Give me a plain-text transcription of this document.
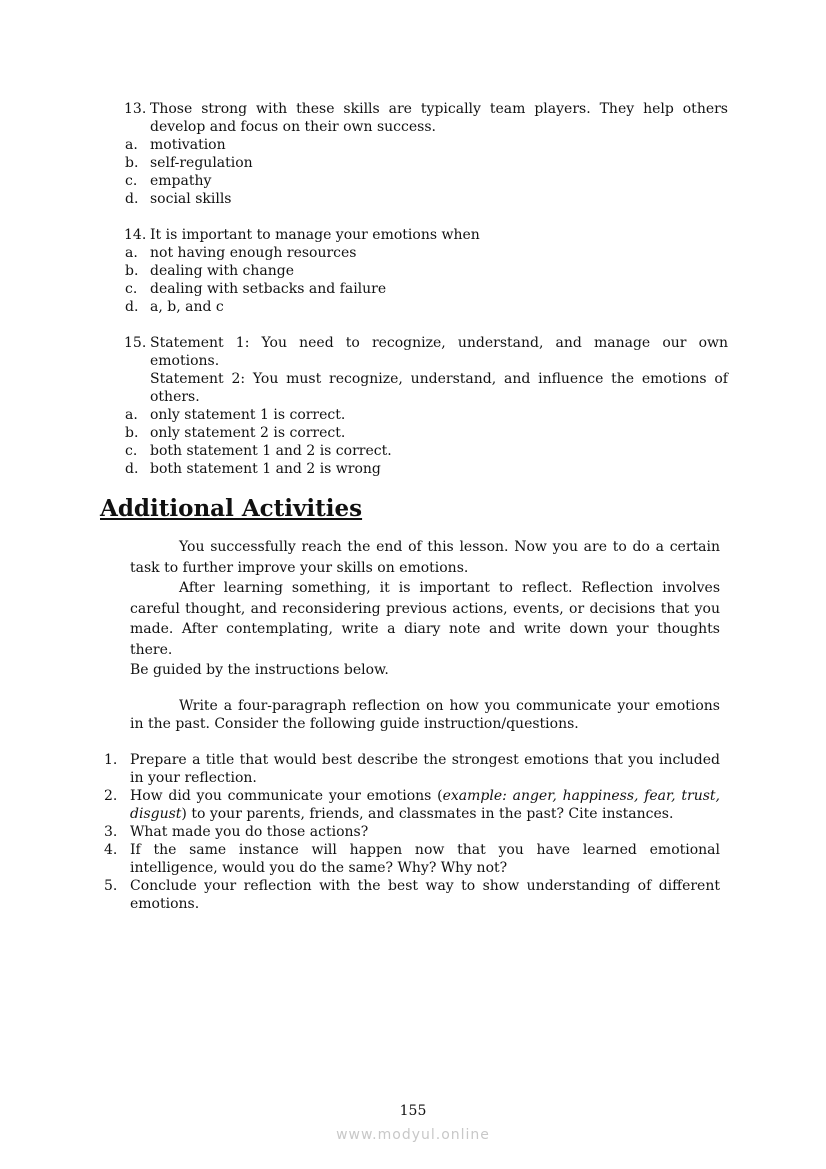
13. Those strong with these skills are typically team players. They help others
develop and focus on their own success.
a. motivation
b. self-regulation
c. empathy
d. social skills
14. It is important to manage your emotions when
a. not having enough resources
b. dealing with change
c. dealing with setbacks and failure
d. a, b, and c
15. Statement 1: You need to recognize, understand, and manage our own
emotions.
Statement 2: You must recognize, understand, and influence the emotions of
others.
a. only statement 1 is correct.
b. only statement 2 is correct.
c. both statement 1 and 2 is correct.
d. both statement 1 and 2 is wrong
Additional Activities

You successfully reach the end of this lesson. Now you are to do a certain task to further improve your skills on emotions.

After learning something, it is important to reflect. Reflection involves careful thought, and reconsidering previous actions, events, or decisions that you made. After contemplating, write a diary note and write down your thoughts there.

Be guided by the instructions below.

Write a four-paragraph reflection on how you communicate your emotions in the past. Consider the following guide instruction/questions.

1. Prepare a title that would best describe the strongest emotions that you included in your reflection.
2. How did you communicate your emotions (example: anger, happiness, fear, trust, disgust) to your parents, friends, and classmates in the past? Cite instances.
3. What made you do those actions?
4. If the same instance will happen now that you have learned emotional intelligence, would you do the same? Why? Why not?
5. Conclude your reflection with the best way to show understanding of different emotions.
155
www.modyul.online
